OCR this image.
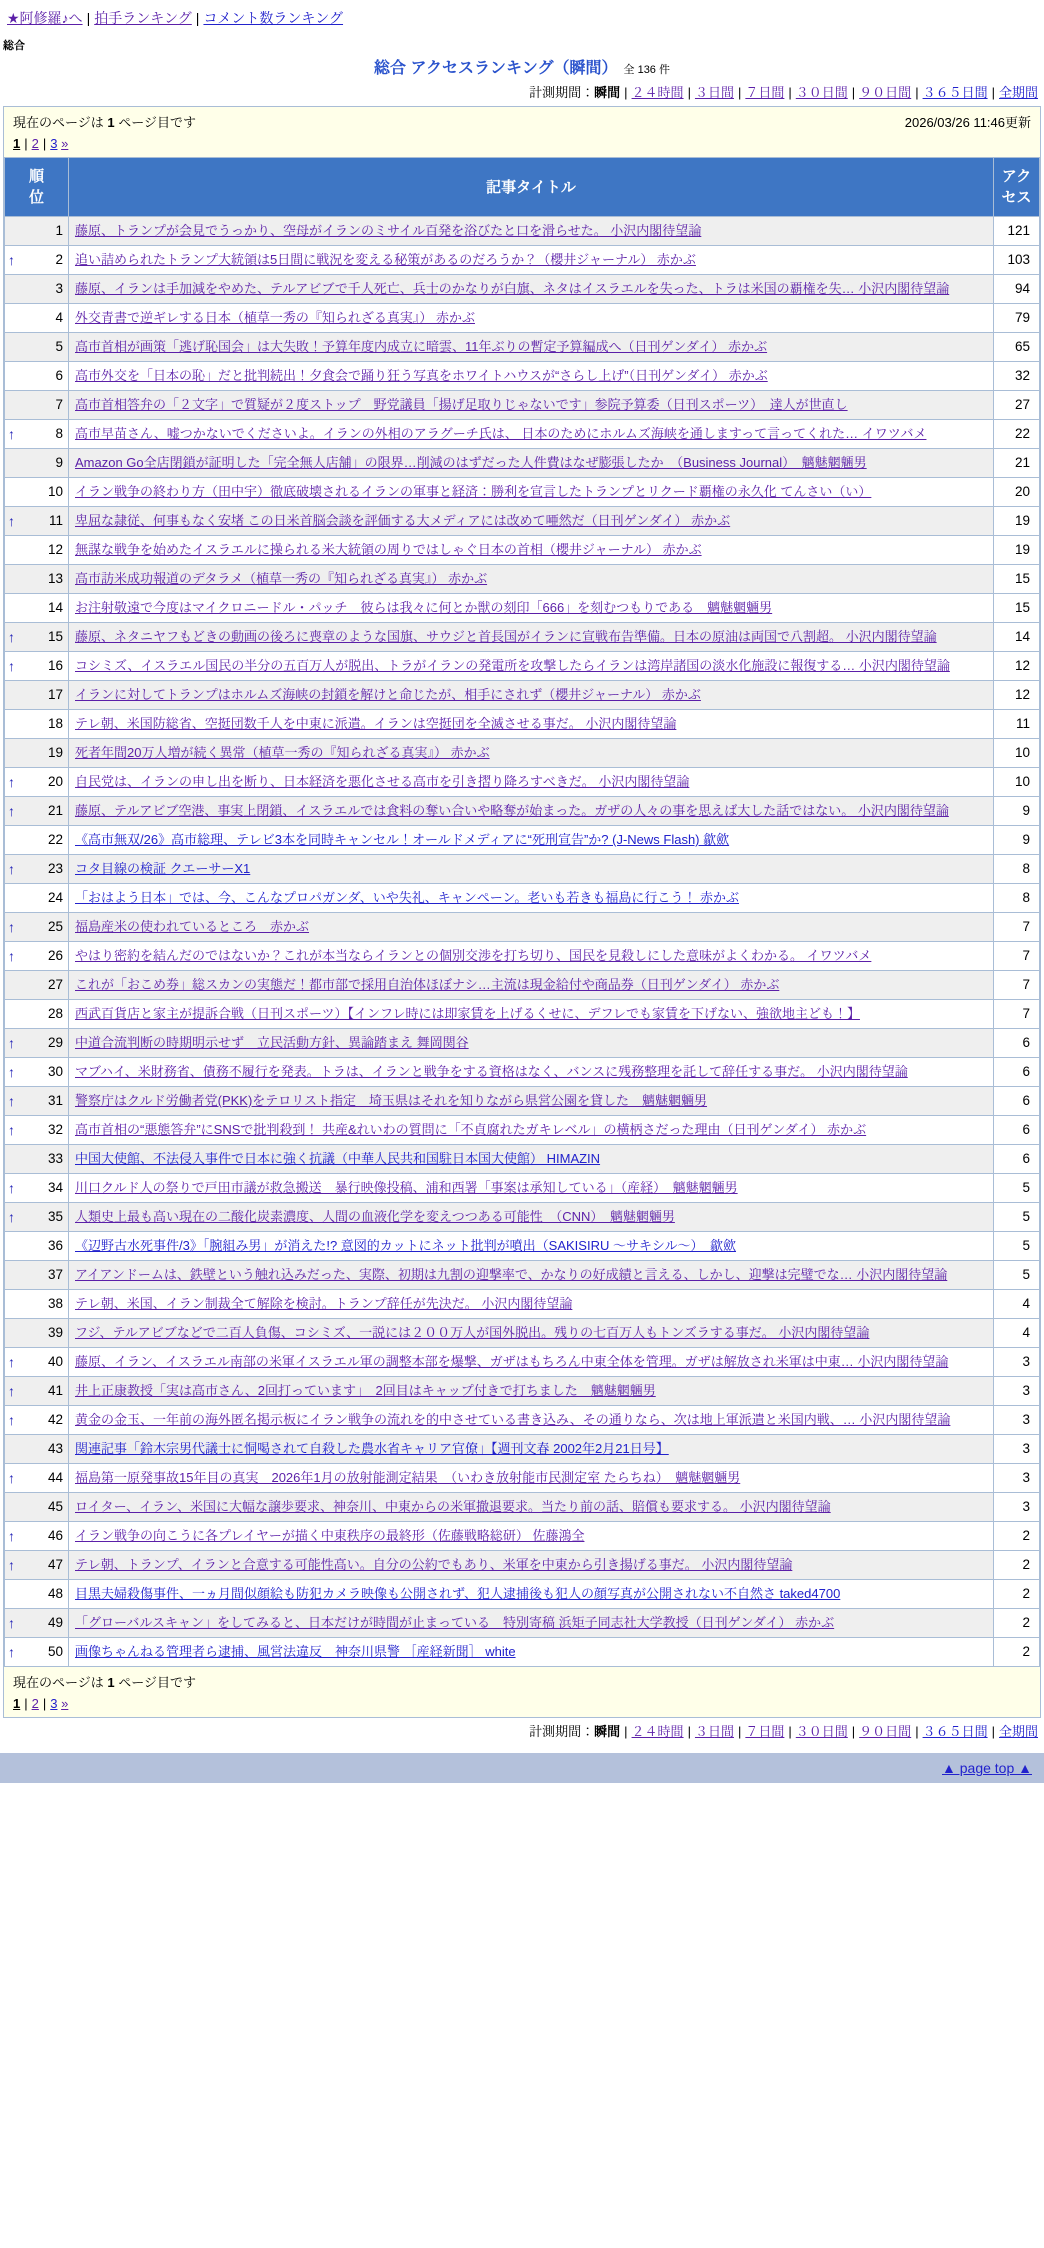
★阿修羅♪へ | 拍手ランキング | コメント数ランキング
総合
総合 アクセスランキング（瞬間） 全 136 件
計測期間：瞬間 | ２４時間 | ３日間 | ７日間 | ３０日間 | ９０日間 | ３６５日間 | 全期間
現在のページは 1 ページ目です	2026/03/26 11:46更新
1 | 2 | 3 »
順位	記事タイトル	アクセス

1 藤原、トランプが会見でうっかり、空母がイランのミサイル百発を浴びたと口を滑らせた。 小沢内閣待望論	121

↑	2 追い詰められたトランプ大統領は5日間に戦況を変える秘策があるのだろうか？（櫻井ジャーナル） 赤かぶ	103

3 藤原、イランは手加減をやめた、テルアビブで千人死亡、兵士のかなりが白旗、ネタはイスラエルを失った、トラは米国の覇権を失… 小沢内閣待望論	94

4 外交青書で逆ギレする日本（植草一秀の『知られざる真実』） 赤かぶ	79

5 高市首相が画策「逃げ恥国会」は大失敗！予算年度内成立に暗雲、11年ぶりの暫定予算編成へ（日刊ゲンダイ） 赤かぶ	65

6 高市外交を「日本の恥」だと批判続出！夕食会で踊り狂う写真をホワイトハウスが“さらし上げ”（日刊ゲンダイ） 赤かぶ	32

7 高市首相答弁の「２文字」で質疑が２度ストップ　野党議員「揚げ足取りじゃないです」参院予算委（日刊スポーツ）　達人が世直し	27

↑	8 高市早苗さん、嘘つかないでくださいよ。イランの外相のアラグーチ氏は、 日本のためにホルムズ海峡を通しますって言ってくれた… イワツバメ	22

9 Amazon Go全店閉鎖が証明した「完全無人店舗」の限界…削減のはずだった人件費はなぜ膨張したか　（Business Journal）　魑魅魍魎男	21

10 イラン戦争の終わり方（田中宇）徹底破壊されるイランの軍事と経済：勝利を宣言したトランプとリクード覇権の永久化 てんさい（い）	20

↑	11 卑屈な隷従、何事もなく安堵 この日米首脳会談を評価する大メディアには改めて唖然だ（日刊ゲンダイ） 赤かぶ	19

12 無謀な戦争を始めたイスラエルに操られる米大統領の周りではしゃぐ日本の首相（櫻井ジャーナル） 赤かぶ	19

13 高市訪米成功報道のデタラメ（植草一秀の『知られざる真実』） 赤かぶ	15

14 お注射敬遠で今度はマイクロニードル・パッチ　彼らは我々に何とか獣の刻印「666」を刻むつもりである　魑魅魍魎男	15

↑	15 藤原、ネタニヤフもどきの動画の後ろに喪章のような国旗、サウジと首長国がイランに宣戦布告準備。日本の原油は両国で八割超。 小沢内閣待望論	14

↑	16 コシミズ、イスラエル国民の半分の五百万人が脱出、トラがイランの発電所を攻撃したらイランは湾岸諸国の淡水化施設に報復する… 小沢内閣待望論	12

17 イランに対してトランプはホルムズ海峡の封鎖を解けと命じたが、相手にされず（櫻井ジャーナル） 赤かぶ	12

18 テレ朝、米国防総省、空挺団数千人を中東に派遣。イランは空挺団を全滅させる事だ。 小沢内閣待望論	11

19 死者年間20万人増が続く異常（植草一秀の『知られざる真実』） 赤かぶ	10

↑	20 自民党は、イランの申し出を断り、日本経済を悪化させる高市を引き摺り降ろすべきだ。 小沢内閣待望論	10

↑	21 藤原、テルアビブ空港、事実上閉鎖、イスラエルでは食料の奪い合いや略奪が始まった。ガザの人々の事を思えば大した話ではない。 小沢内閣待望論	9

22 《高市無双/26》高市総理、テレビ3本を同時キャンセル！オールドメディアに“死刑宣告”か? (J-News Flash) 歙歛	9

↑	23 コタ目線の検証 クエーサーX1	8

24 「おはよう日本」では、今、こんなプロパガンダ、いや失礼、キャンペーン。老いも若きも福島に行こう！ 赤かぶ	8

↑	25 福島産米の使われているところ　赤かぶ	7

↑	26 やはり密約を結んだのではないか？これが本当ならイランとの個別交渉を打ち切り、国民を見殺しにした意味がよくわかる。 イワツバメ	7

27 これが「おこめ券」総スカンの実態だ！都市部で採用自治体ほぼナシ…主流は現金給付や商品券（日刊ゲンダイ） 赤かぶ	7

28 西武百貨店と家主が提訴合戦（日刊スポーツ）【インフレ時には即家賃を上げるくせに、デフレでも家賃を下げない、強欲地主ども！】	7

↑	29 中道合流判断の時期明示せず　立民活動方針、異論踏まえ 舞岡関谷	6

↑	30 マブハイ、米財務省、債務不履行を発表。トラは、イランと戦争をする資格はなく、バンスに残務整理を託して辞任する事だ。 小沢内閣待望論	6

↑	31 警察庁はクルド労働者党(PKK)をテロリスト指定　埼玉県はそれを知りながら県営公園を貸した　魑魅魍魎男	6

↑	32 高市首相の“悪態答弁”にSNSで批判殺到！ 共産&れいわの質問に「不貞腐れたガキレベル」の横柄さだった理由（日刊ゲンダイ） 赤かぶ	6

33 中国大使館、不法侵入事件で日本に強く抗議（中華人民共和国駐日本国大使館） HIMAZIN	6

↑	34 川口クルド人の祭りで戸田市議が救急搬送　暴行映像投稿、浦和西署「事案は承知している」（産経）　魑魅魍魎男	5

↑	35 人類史上最も高い現在の二酸化炭素濃度、人間の血液化学を変えつつある可能性　（CNN）　魑魅魍魎男	5

36 《辺野古水死事件/3》「腕組み男」が消えた!? 意図的カットにネット批判が噴出（SAKISIRU ～サキシル～）　歙歛	5

37 アイアンドームは、鉄壁という触れ込みだった、実際、初期は九割の迎撃率で、かなりの好成績と言える、しかし、迎撃は完璧でな… 小沢内閣待望論	5

38 テレ朝、米国、イラン制裁全て解除を検討。トランプ辞任が先決だ。 小沢内閣待望論	4

39 フジ、テルアビブなどで二百人負傷、コシミズ、一説には２００万人が国外脱出。残りの七百万人もトンズラする事だ。 小沢内閣待望論	4

↑	40 藤原、イラン、イスラエル南部の米軍イスラエル軍の調整本部を爆撃、ガザはもちろん中東全体を管理。ガザは解放され米軍は中東… 小沢内閣待望論	3

↑	41 井上正康教授「実は高市さん、2回打っています」　2回目はキャップ付きで打ちました　魑魅魍魎男	3

↑	42 黄金の金玉、一年前の海外匿名掲示板にイラン戦争の流れを的中させている書き込み、その通りなら、次は地上軍派遣と米国内戦、… 小沢内閣待望論	3

43 関連記事「鈴木宗男代議士に恫喝されて自殺した農水省キャリア官僚」【週刊文春 2002年2月21日号】	3

↑	44 福島第一原発事故15年目の真実　2026年1月の放射能測定結果　（いわき放射能市民測定室 たらちね）　魑魅魍魎男	3

45 ロイター、イラン、米国に大幅な譲歩要求、神奈川、中東からの米軍撤退要求。当たり前の話、賠償も要求する。 小沢内閣待望論	3

↑	46 イラン戦争の向こうに各プレイヤーが描く中東秩序の最終形（佐藤戦略総研） 佐藤鴻全	2

↑	47 テレ朝、トランプ、イランと合意する可能性高い。自分の公約でもあり、米軍を中東から引き揚げる事だ。 小沢内閣待望論	2

48 目黒夫婦殺傷事件、一ヵ月間似顔絵も防犯カメラ映像も公開されず、犯人逮捕後も犯人の顔写真が公開されない不自然さ taked4700	2

↑	49 「グローバルスキャン」をしてみると、日本だけが時間が止まっている　特別寄稿 浜矩子同志社大学教授（日刊ゲンダイ） 赤かぶ	2

↑	50 画像ちゃんねる管理者ら逮捕、風営法違反　神奈川県警 ［産経新聞］ white	2
現在のページは 1 ページ目です
1 | 2 | 3 »
計測期間：瞬間 | ２４時間 | ３日間 | ７日間 | ３０日間 | ９０日間 | ３６５日間 | 全期間
▲ page top ▲
